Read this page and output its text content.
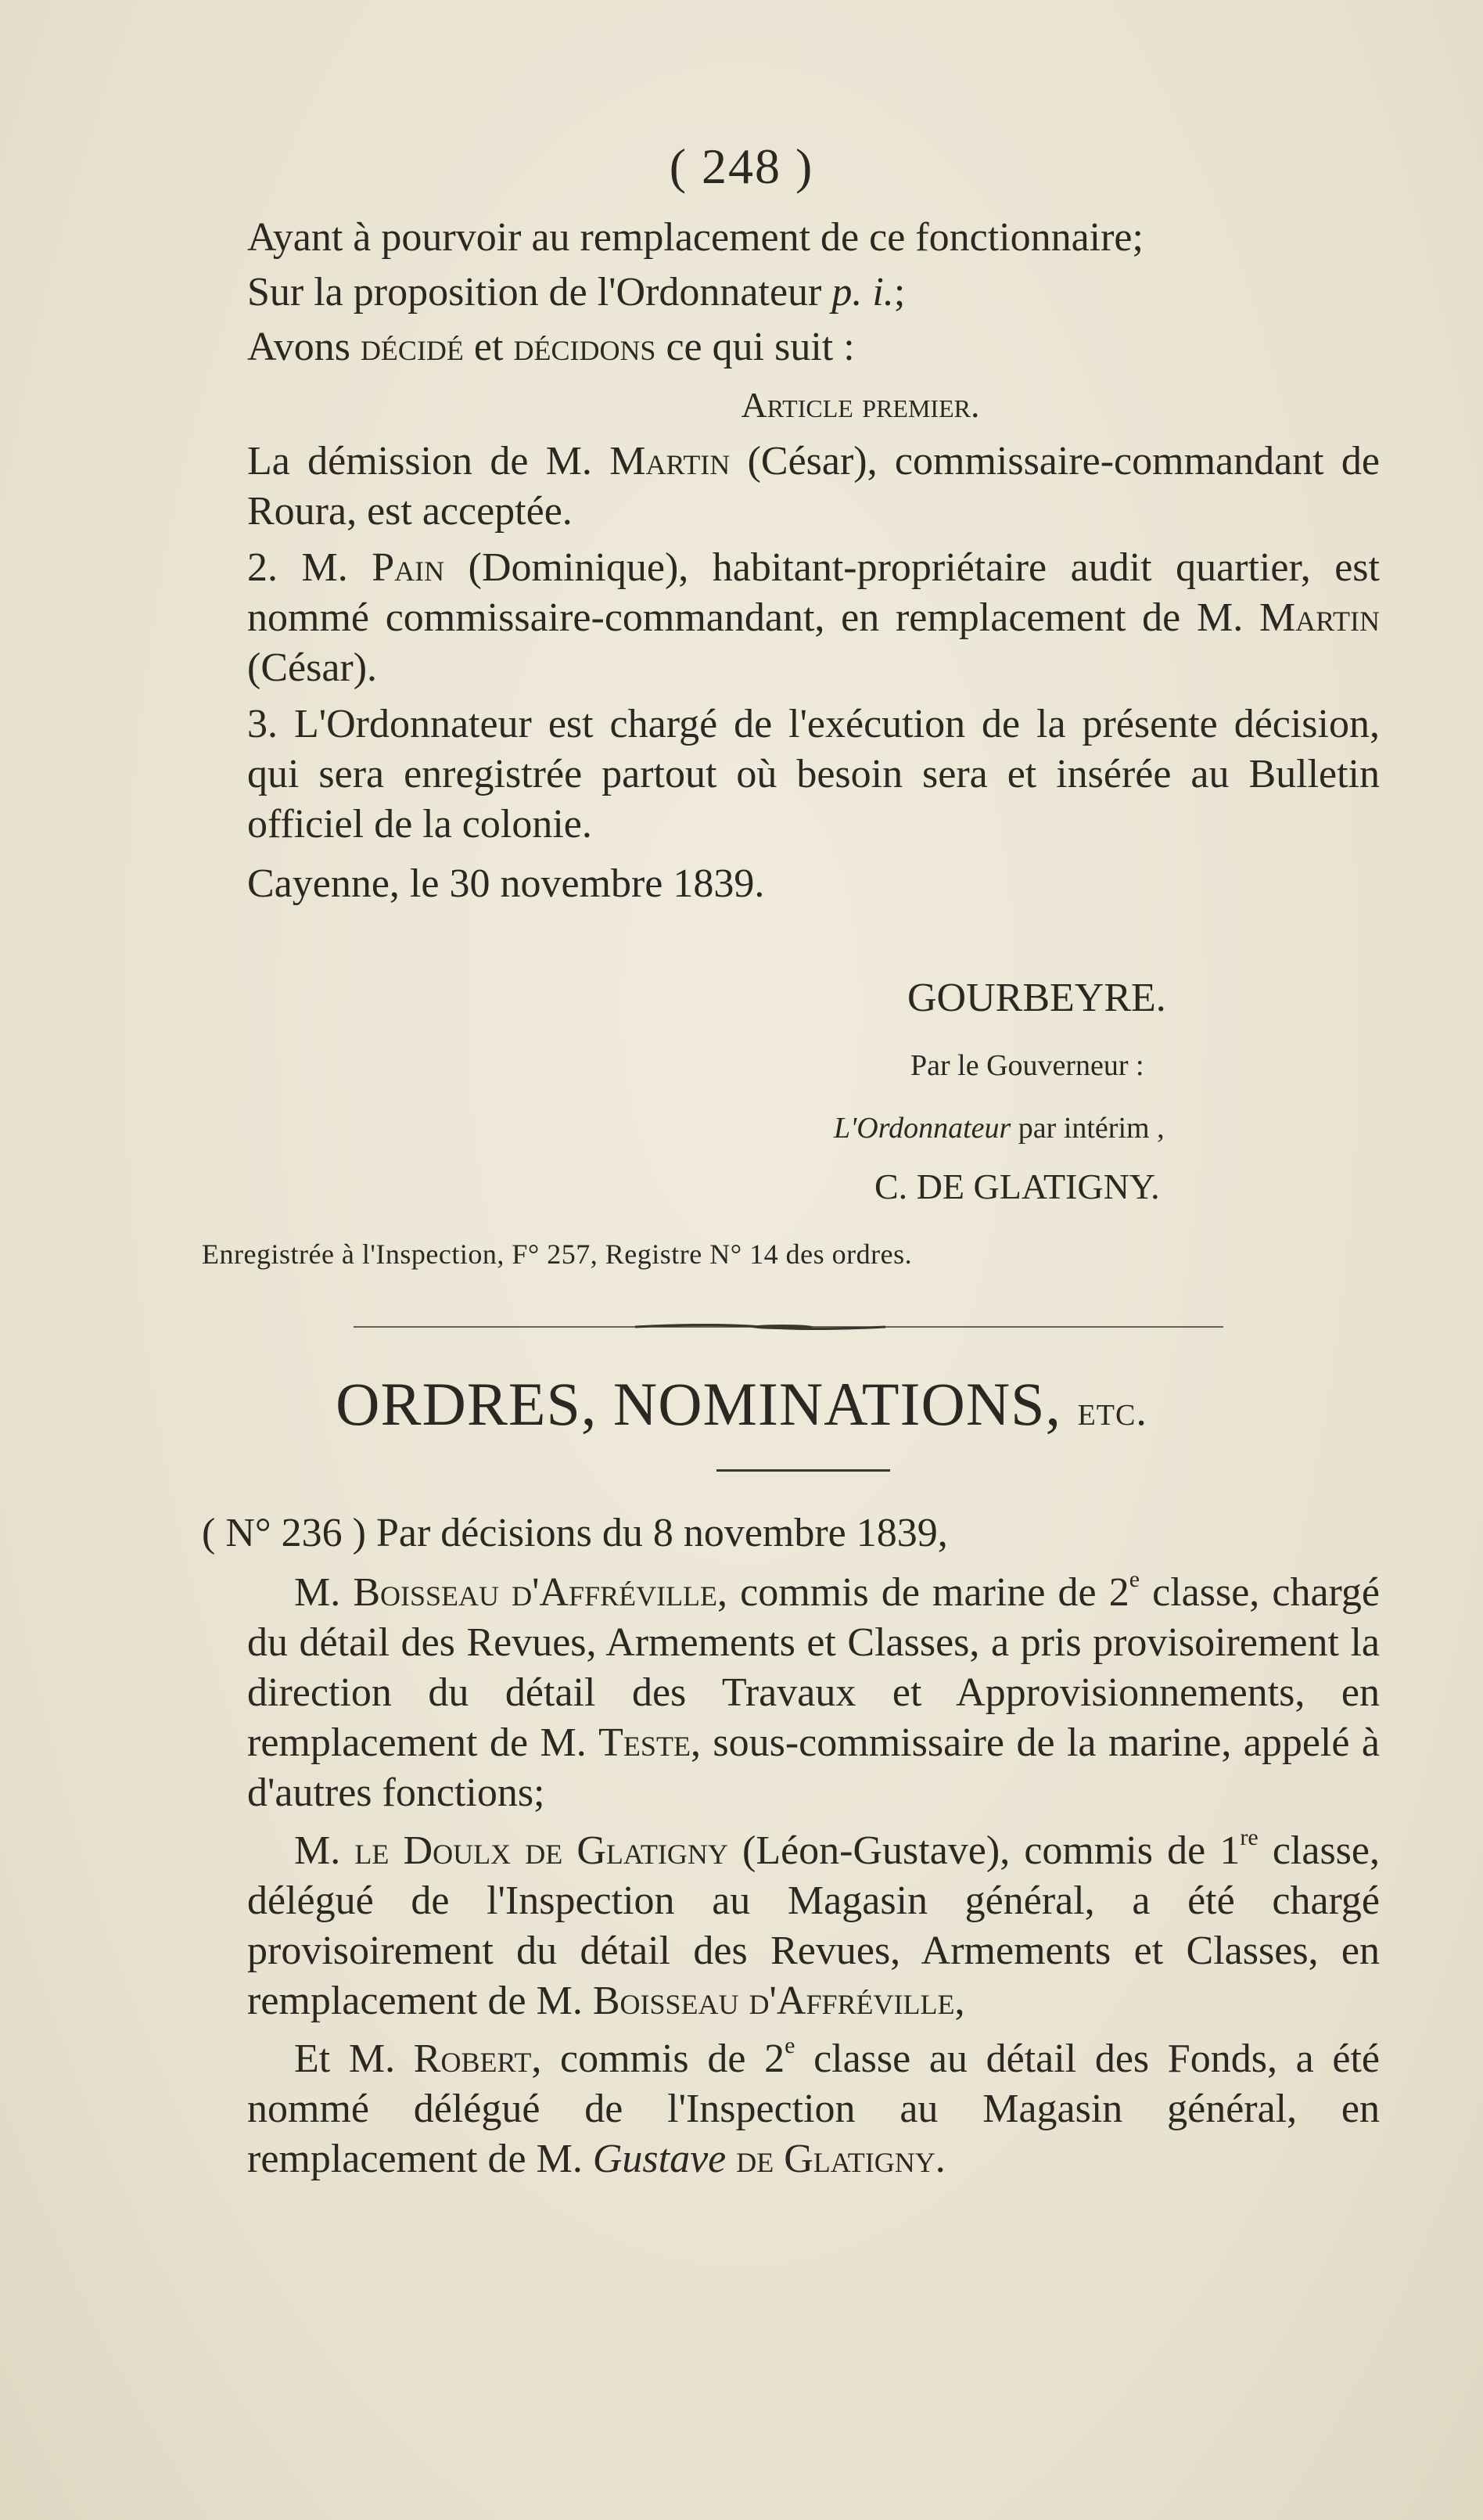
( 248 )

Ayant à pourvoir au remplacement de ce fonctionnaire;

Sur la proposition de l'Ordonnateur p. i.;

Avons décidé et décidons ce qui suit :

Article premier.

La démission de M. Martin (César), commissaire-commandant de Roura, est acceptée.

2. M. Pain (Dominique), habitant-propriétaire audit quartier, est nommé commissaire-commandant, en remplacement de M. Martin (César).

3. L'Ordonnateur est chargé de l'exécution de la présente décision, qui sera enregistrée partout où besoin sera et insérée au Bulletin officiel de la colonie.

Cayenne, le 30 novembre 1839.

GOURBEYRE.
Par le Gouverneur :
L'Ordonnateur par intérim ,
C. DE GLATIGNY.
Enregistrée à l'Inspection, F° 257, Registre N° 14 des ordres.
ORDRES, NOMINATIONS, etc.

( N° 236 ) Par décisions du 8 novembre 1839,

M. Boisseau d'Affréville, commis de marine de 2e classe, chargé du détail des Revues, Armements et Classes, a pris provisoirement la direction du détail des Travaux et Approvisionnements, en remplacement de M. Teste, sous-commissaire de la marine, appelé à d'autres fonctions;

M. le Doulx de Glatigny (Léon-Gustave), commis de 1re classe, délégué de l'Inspection au Magasin général, a été chargé provisoirement du détail des Revues, Armements et Classes, en remplacement de M. Boisseau d'Affréville,

Et M. Robert, commis de 2e classe au détail des Fonds, a été nommé délégué de l'Inspection au Magasin général, en remplacement de M. Gustave de Glatigny.
